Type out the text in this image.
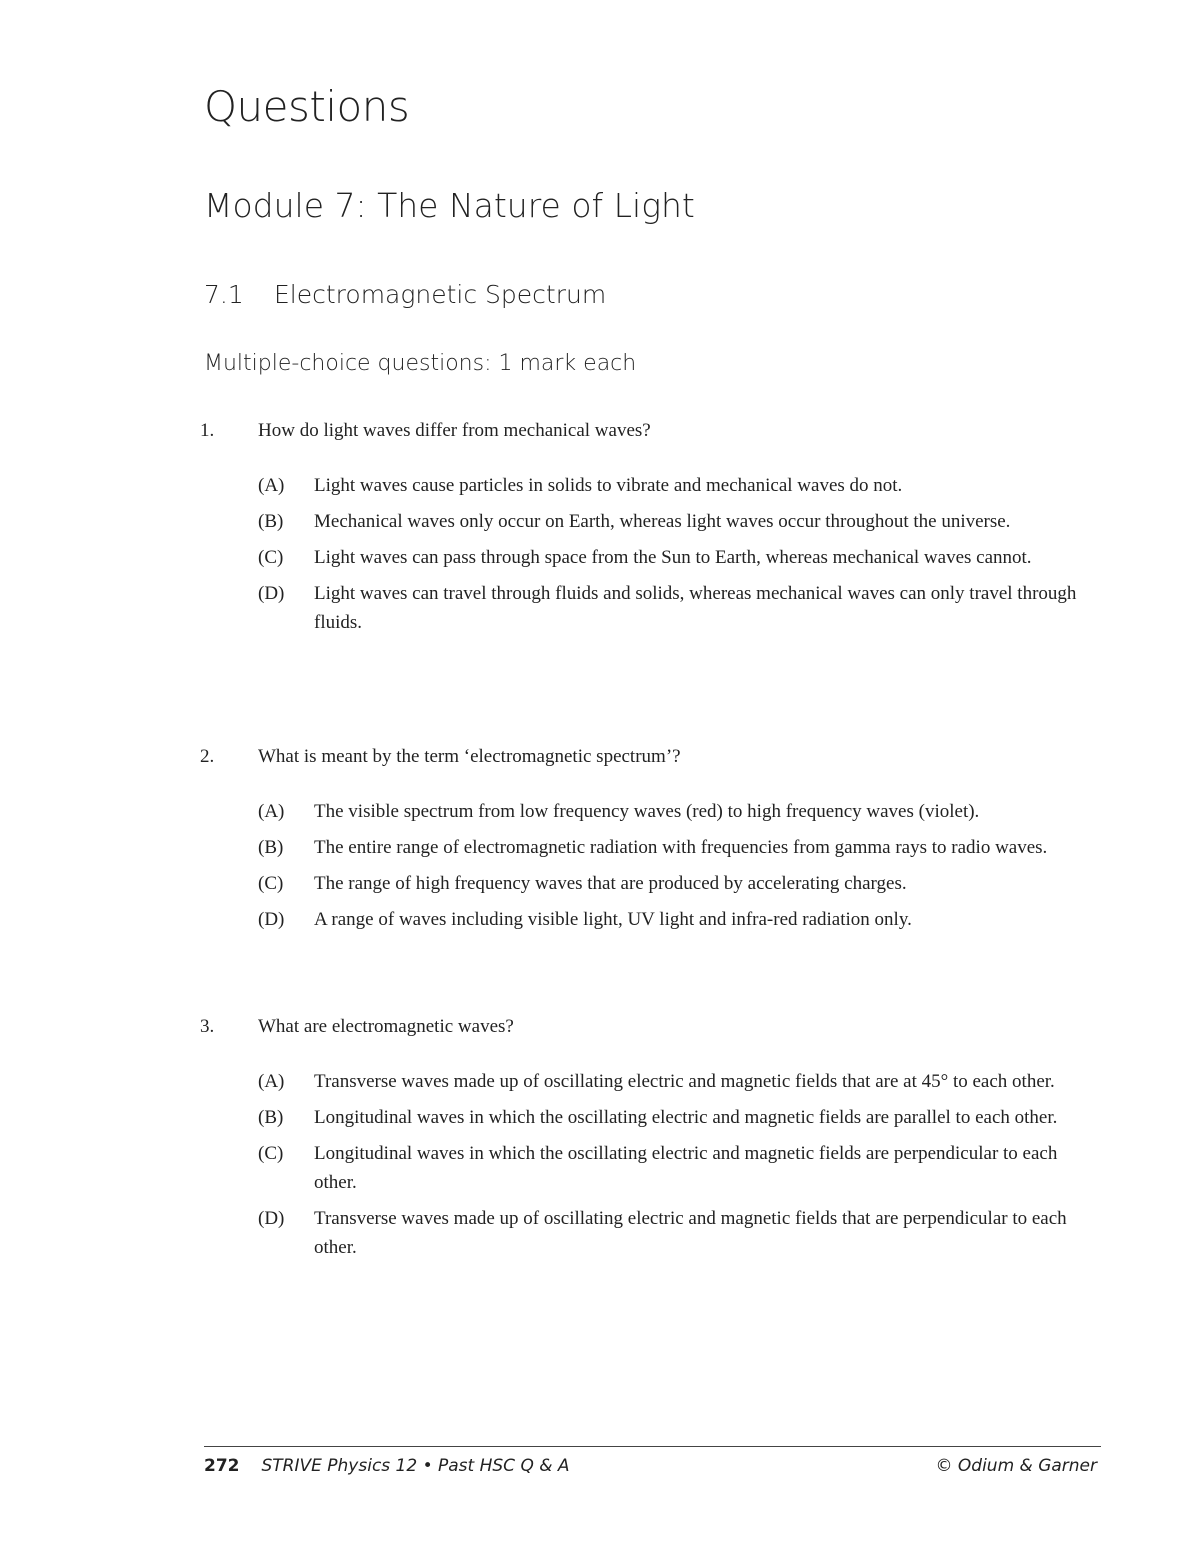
Questions
Module 7: The Nature of Light
7.1	Electromagnetic Spectrum
Multiple-choice questions: 1 mark each
1.	How do light waves differ from mechanical waves?
(A)	Light waves cause particles in solids to vibrate and mechanical waves do not.
(B)	Mechanical waves only occur on Earth, whereas light waves occur throughout the universe.
(C)	Light waves can pass through space from the Sun to Earth, whereas mechanical waves cannot.
(D)	Light waves can travel through fluids and solids, whereas mechanical waves can only travel through fluids.
2.	What is meant by the term ‘electromagnetic spectrum’?
(A)	The visible spectrum from low frequency waves (red) to high frequency waves (violet).
(B)	The entire range of electromagnetic radiation with frequencies from gamma rays to radio waves.
(C)	The range of high frequency waves that are produced by accelerating charges.
(D)	A range of waves including visible light, UV light and infra-red radiation only.
3.	What are electromagnetic waves?
(A)	Transverse waves made up of oscillating electric and magnetic fields that are at 45° to each other.
(B)	Longitudinal waves in which the oscillating electric and magnetic fields are parallel to each other.
(C)	Longitudinal waves in which the oscillating electric and magnetic fields are perpendicular to each other.
(D)	Transverse waves made up of oscillating electric and magnetic fields that are perpendicular to each other.
272 STRIVE Physics 12 • Past HSC Q & A	© Odium & Garner
